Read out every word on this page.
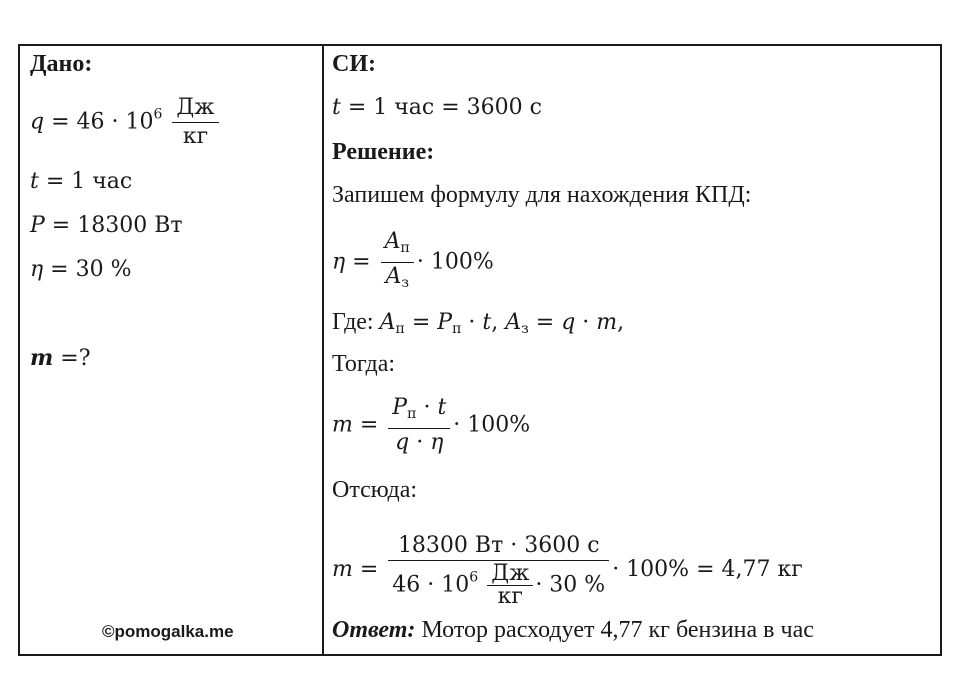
Дано:
$q = 46 \cdot 10^6 \frac{Дж}{кг}$
t = 1 час
P = 18300 Вт
η = 30 %
m =?
©pomogalka.me
СИ:
t = 1 час = 3600 с
Решение:
Запишем формулу для нахождения КПД:
$\eta = \frac{A_п}{A_з} \cdot 100\%$
Где: $A_п = P_п \cdot t$, $A_з = q \cdot m$,
Тогда:
$m = \frac{P_п \cdot t}{q \cdot \eta} \cdot 100\%$
Отсюда:
$m = \frac{18300 Вт \cdot 3600 с}{46 \cdot 10^6 \frac{Дж}{кг} \cdot 30 \%} \cdot 100\% = 4,77$ кг
Ответ: Мотор расходует 4,77 кг бензина в час
